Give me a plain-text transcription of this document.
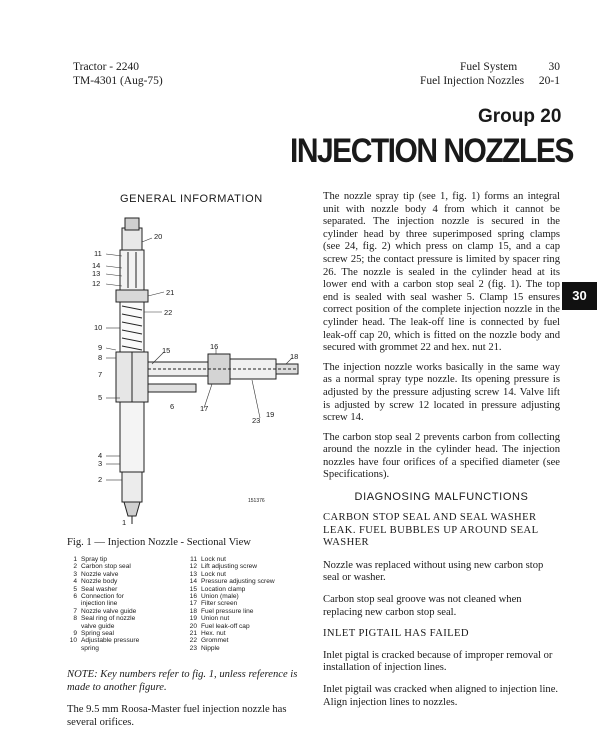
Tractor - 2240
TM-4301 (Aug-75)
Fuel System	30
Fuel Injection Nozzles 20-1
Group 20
INJECTION NOZZLES
30
GENERAL INFORMATION
20
11
14
13
12
21
22
10
9
8
15	16
18
7
5
6	17
23
19
4
3
2
1
151376
Fig. 1 — Injection Nozzle - Sectional View
1 Spray tip
2 Carbon stop seal
3 Nozzle valve
4 Nozzle body
5 Seal washer
6 Connection for
injection line
7 Nozzle valve guide
8 Seal ring of nozzle
valve guide
9 Spring seal
10 Adjustable pressure
spring
11 Lock nut
12 Lift adjusting screw
13 Lock nut
14 Pressure adjusting screw
15 Location clamp
16 Union (male)
17 Filter screen
18 Fuel pressure line
19 Union nut
20 Fuel leak-off cap
21 Hex. nut
22 Grommet
23 Nipple
NOTE: Key numbers refer to fig. 1, unless reference is made to another figure.
The 9.5 mm Roosa-Master fuel injection nozzle has several orifices.

The nozzle spray tip (see 1, fig. 1) forms an integral unit with nozzle body 4 from which it cannot be separated. The injection nozzle is secured in the cylinder head by three superimposed spring clamps (see 24, fig. 2) which press on clamp 15, and a cap screw 25; the contact pressure is limited by spacer ring 26. The nozzle is sealed in the cylinder head at its lower end with a carbon stop seal 2 (fig. 1). The top end is sealed with seal washer 5. Clamp 15 ensures correct position of the complete injection nozzle in the cylinder head. The leak-off line is connected by fuel leak-off cap 20, which is fitted on the nozzle body and secured with grommet 22 and hex. nut 21.

The injection nozzle works basically in the same way as a normal spray type nozzle. Its opening pressure is adjusted by the pressure adjusting screw 14. Valve lift is adjusted by screw 12 located in pressure adjusting screw 14.

The carbon stop seal 2 prevents carbon from collecting around the nozzle in the cylinder head. The injection nozzles have four orifices of a specified diameter (see Specifications).

DIAGNOSING MALFUNCTIONS

CARBON STOP SEAL AND SEAL WASHER LEAK. FUEL BUBBLES UP AROUND SEAL WASHER

Nozzle was replaced without using new carbon stop seal or washer.

Carbon stop seal groove was not cleaned when replacing new carbon stop seal.

INLET PIGTAIL HAS FAILED

Inlet pigtal is cracked because of improper removal or installation of injection lines.

Inlet pigtail was cracked when aligned to injection line. Align injection lines to nozzles.
